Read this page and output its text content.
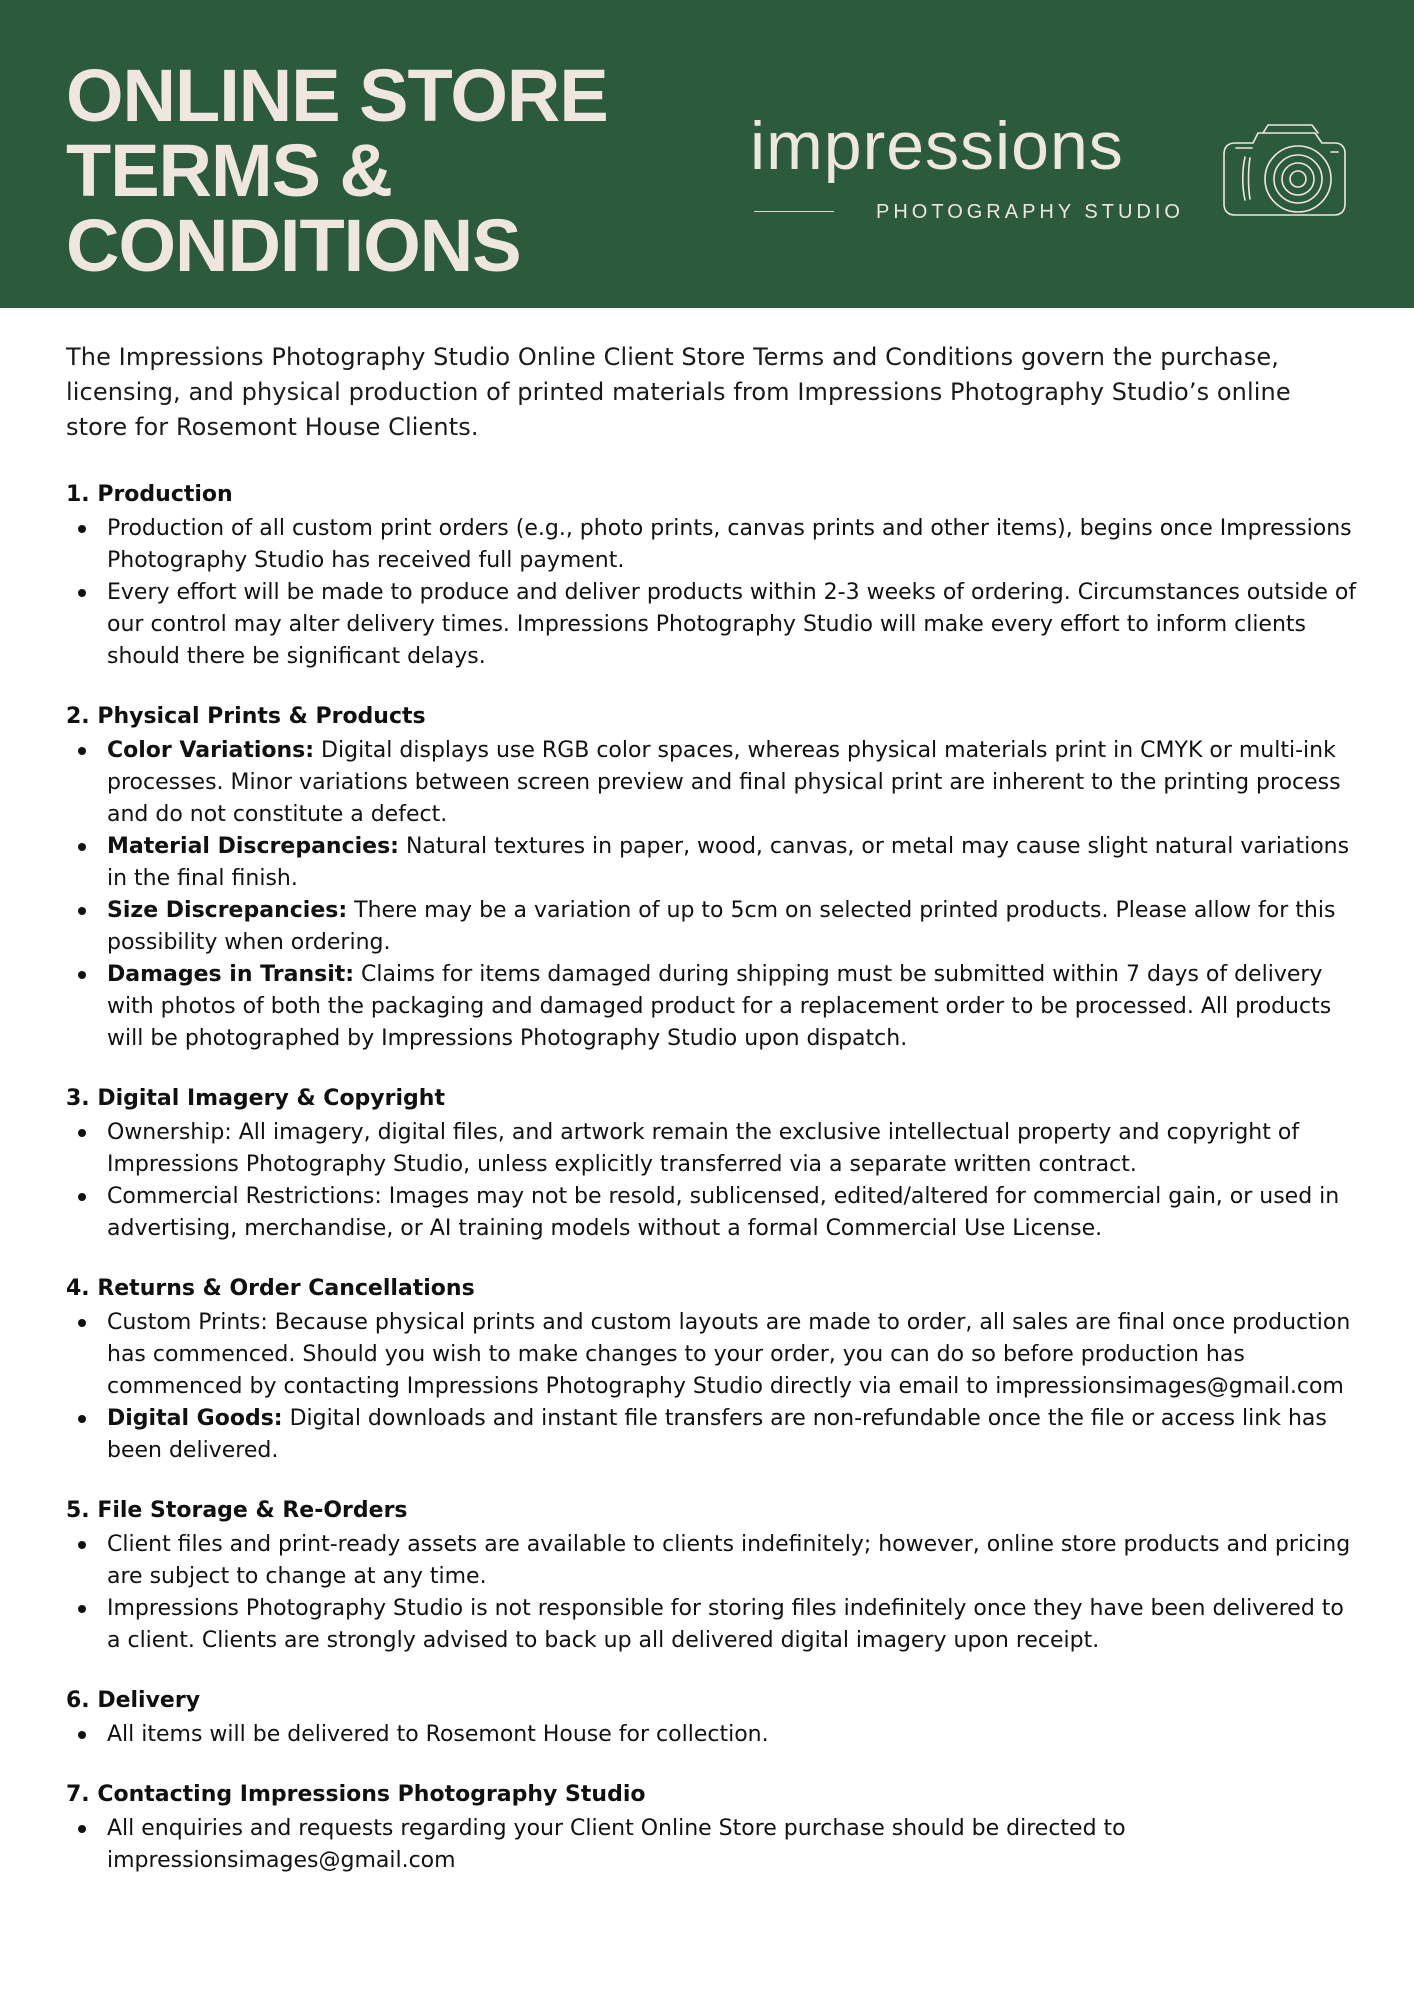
ONLINE STORE
TERMS &
CONDITIONS
impressions
PHOTOGRAPHY STUDIO

The Impressions Photography Studio Online Client Store Terms and Conditions govern the purchase, licensing, and physical production of printed materials from Impressions Photography Studio’s online store for Rosemont House Clients.

1. Production
Production of all custom print orders (e.g., photo prints, canvas prints and other items), begins once Impressions Photography Studio has received full payment.
Every effort will be made to produce and deliver products within 2-3 weeks of ordering. Circumstances outside of our control may alter delivery times. Impressions Photography Studio will make every effort to inform clients should there be significant delays.
2. Physical Prints & Products
Color Variations: Digital displays use RGB color spaces, whereas physical materials print in CMYK or multi-ink processes. Minor variations between screen preview and final physical print are inherent to the printing process and do not constitute a defect.
Material Discrepancies: Natural textures in paper, wood, canvas, or metal may cause slight natural variations in the final finish.
Size Discrepancies: There may be a variation of up to 5cm on selected printed products. Please allow for this possibility when ordering.
Damages in Transit: Claims for items damaged during shipping must be submitted within 7 days of delivery with photos of both the packaging and damaged product for a replacement order to be processed. All products will be photographed by Impressions Photography Studio upon dispatch.
3. Digital Imagery & Copyright
Ownership: All imagery, digital files, and artwork remain the exclusive intellectual property and copyright of Impressions Photography Studio, unless explicitly transferred via a separate written contract.
Commercial Restrictions: Images may not be resold, sublicensed, edited/altered for commercial gain, or used in advertising, merchandise, or AI training models without a formal Commercial Use License.
4. Returns & Order Cancellations
Custom Prints: Because physical prints and custom layouts are made to order, all sales are final once production has commenced. Should you wish to make changes to your order, you can do so before production has commenced by contacting Impressions Photography Studio directly via email to impressionsimages@gmail.com
Digital Goods: Digital downloads and instant file transfers are non-refundable once the file or access link has been delivered.
5. File Storage & Re-Orders
Client files and print-ready assets are available to clients indefinitely; however, online store products and pricing are subject to change at any time.
Impressions Photography Studio is not responsible for storing files indefinitely once they have been delivered to a client. Clients are strongly advised to back up all delivered digital imagery upon receipt.
6. Delivery
All items will be delivered to Rosemont House for collection.
7. Contacting Impressions Photography Studio
All enquiries and requests regarding your Client Online Store purchase should be directed to impressionsimages@gmail.com
